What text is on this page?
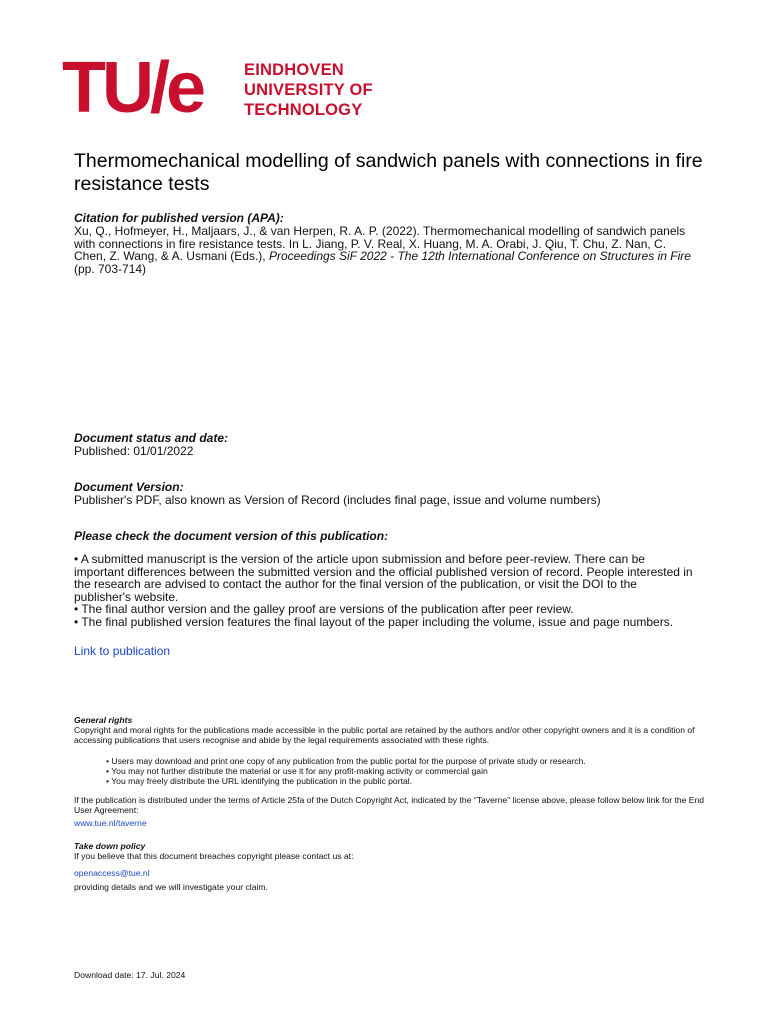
TU/e	EINDHOVEN
UNIVERSITY OF
TECHNOLOGY
Thermomechanical modelling of sandwich panels with connections in fire resistance tests
Citation for published version (APA):
Xu, Q., Hofmeyer, H., Maljaars, J., & van Herpen, R. A. P. (2022). Thermomechanical modelling of sandwich panels with connections in fire resistance tests. In L. Jiang, P. V. Real, X. Huang, M. A. Orabi, J. Qiu, T. Chu, Z. Nan, C. Chen, Z. Wang, & A. Usmani (Eds.), Proceedings SiF 2022 - The 12th International Conference on Structures in Fire (pp. 703-714)
Document status and date:
Published: 01/01/2022
Document Version:
Publisher's PDF, also known as Version of Record (includes final page, issue and volume numbers)
Please check the document version of this publication:
• A submitted manuscript is the version of the article upon submission and before peer-review. There can be important differences between the submitted version and the official published version of record. People interested in the research are advised to contact the author for the final version of the publication, or visit the DOI to the publisher's website.
• The final author version and the galley proof are versions of the publication after peer review.
• The final published version features the final layout of the paper including the volume, issue and page numbers.
Link to publication
General rights
Copyright and moral rights for the publications made accessible in the public portal are retained by the authors and/or other copyright owners and it is a condition of accessing publications that users recognise and abide by the legal requirements associated with these rights.
• Users may download and print one copy of any publication from the public portal for the purpose of private study or research.
• You may not further distribute the material or use it for any profit-making activity or commercial gain
• You may freely distribute the URL identifying the publication in the public portal.
If the publication is distributed under the terms of Article 25fa of the Dutch Copyright Act, indicated by the “Taverne” license above, please follow below link for the End User Agreement:
www.tue.nl/taverne
Take down policy
If you believe that this document breaches copyright please contact us at:
openaccess@tue.nl
providing details and we will investigate your claim.
Download date: 17. Jul. 2024
